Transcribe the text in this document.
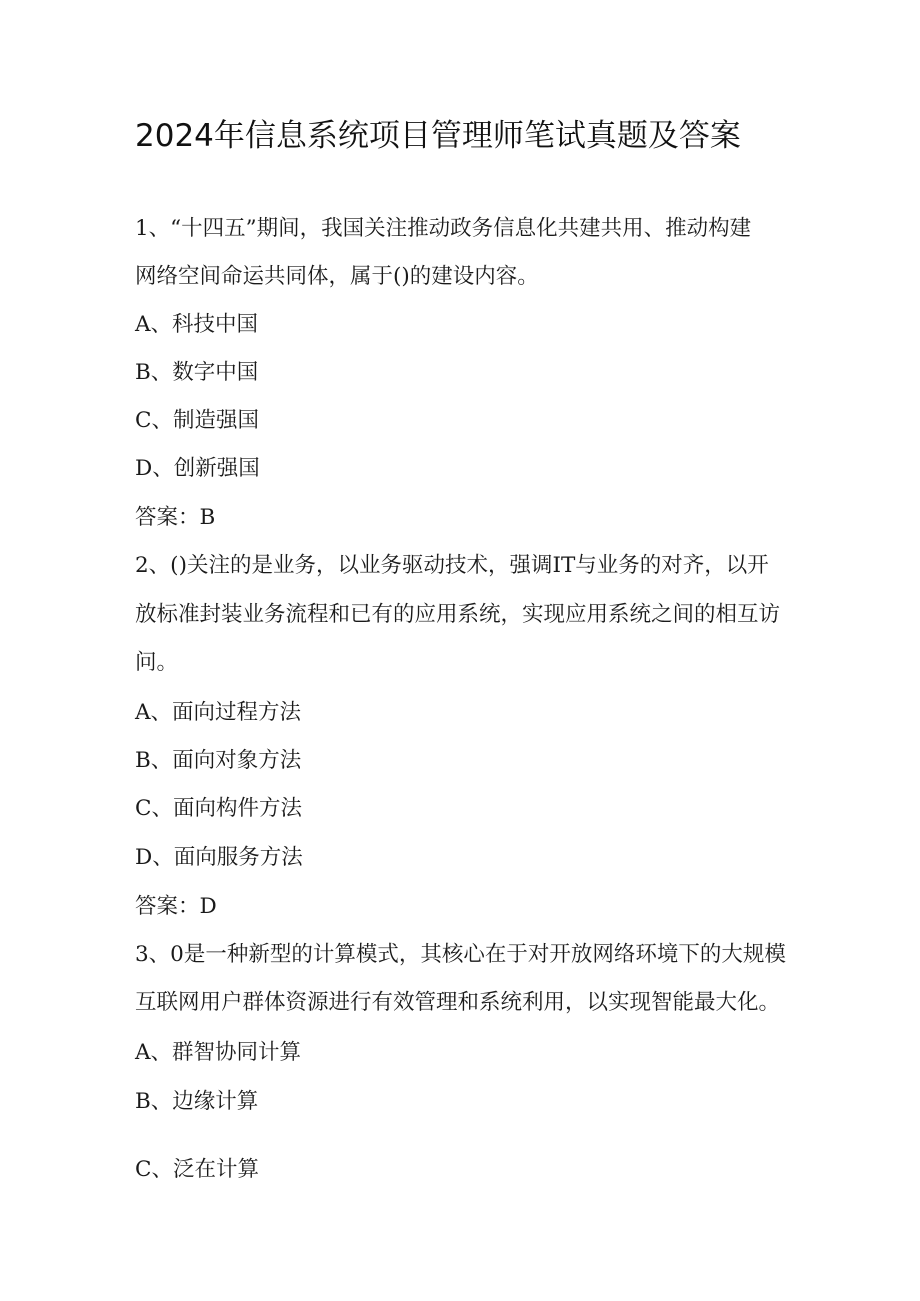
2024年信息系统项目管理师笔试真题及答案
1、“十四五”期间，我国关注推动政务信息化共建共用、推动构建
网络空间命运共同体，属于()的建设内容。
A、科技中国
B、数字中国
C、制造强国
D、创新强国
答案：B
2、()关注的是业务，以业务驱动技术，强调IT与业务的对齐，以开
放标准封装业务流程和已有的应用系统，实现应用系统之间的相互访
问。
A、面向过程方法
B、面向对象方法
C、面向构件方法
D、面向服务方法
答案：D
3、0是一种新型的计算模式，其核心在于对开放网络环境下的大规模
互联网用户群体资源进行有效管理和系统利用，以实现智能最大化。
A、群智协同计算
B、边缘计算
C、泛在计算
